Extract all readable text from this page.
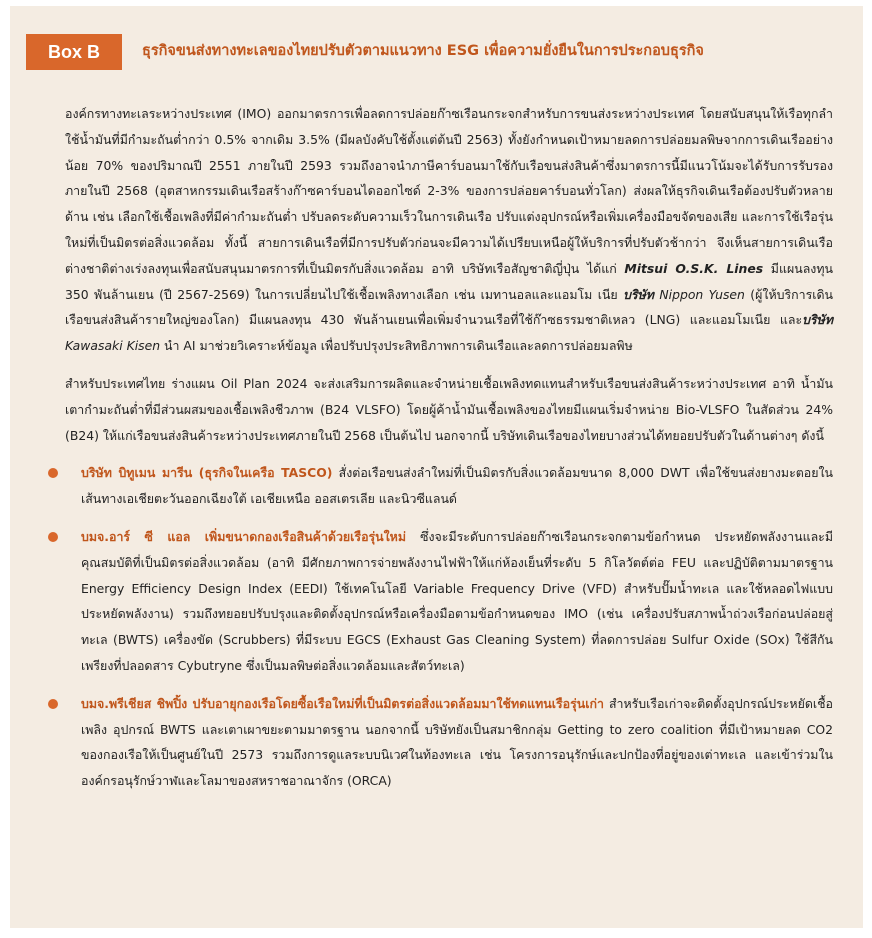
Box B	ธุรกิจขนส่งทางทะเลของไทยปรับตัวตามแนวทาง ESG เพื่อความยั่งยืนในการประกอบธุรกิจ

องค์กรทางทะเลระหว่างประเทศ (IMO) ออกมาตรการเพื่อลดการปล่อยก๊าซเรือนกระจกสำหรับการขนส่งระหว่างประเทศ โดยสนับสนุนให้เรือทุกลำใช้น้ำมันที่มีกำมะถันต่ำกว่า 0.5% จากเดิม 3.5% (มีผลบังคับใช้ตั้งแต่ต้นปี 2563) ทั้งยังกำหนดเป้าหมายลดการปล่อยมลพิษจากการเดินเรืออย่างน้อย 70% ของปริมาณปี 2551 ภายในปี 2593 รวมถึงอาจนำภาษีคาร์บอนมาใช้กับเรือขนส่งสินค้าซึ่งมาตรการนี้มีแนวโน้มจะได้รับการรับรองภายในปี 2568 (อุตสาหกรรมเดินเรือสร้างก๊าซคาร์บอนไดออกไซด์ 2-3% ของการปล่อยคาร์บอนทั่วโลก) ส่งผลให้ธุรกิจเดินเรือต้องปรับตัวหลายด้าน เช่น เลือกใช้เชื้อเพลิงที่มีค่ากำมะถันต่ำ ปรับลดระดับความเร็วในการเดินเรือ ปรับแต่งอุปกรณ์หรือเพิ่มเครื่องมือขจัดของเสีย และการใช้เรือรุ่นใหม่ที่เป็นมิตรต่อสิ่งแวดล้อม ทั้งนี้ สายการเดินเรือที่มีการปรับตัวก่อนจะมีความได้เปรียบเหนือผู้ให้บริการที่ปรับตัวช้ากว่า จึงเห็นสายการเดินเรือต่างชาติต่างเร่งลงทุนเพื่อสนับสนุนมาตรการที่เป็นมิตรกับสิ่งแวดล้อม อาทิ บริษัทเรือสัญชาติญี่ปุ่น ได้แก่ Mitsui O.S.K. Lines มีแผนลงทุน 350 พันล้านเยน (ปี 2567-2569) ในการเปลี่ยนไปใช้เชื้อเพลิงทางเลือก เช่น เมทานอลและแอมโม เนีย บริษัท Nippon Yusen (ผู้ให้บริการเดินเรือขนส่งสินค้ารายใหญ่ของโลก) มีแผนลงทุน 430 พันล้านเยนเพื่อเพิ่มจำนวนเรือที่ใช้ก๊าซธรรมชาติเหลว (LNG) และแอมโมเนีย และบริษัท Kawasaki Kisen นำ AI มาช่วยวิเคราะห์ข้อมูล เพื่อปรับปรุงประสิทธิภาพการเดินเรือและลดการปล่อยมลพิษ

สำหรับประเทศไทย ร่างแผน Oil Plan 2024 จะส่งเสริมการผลิตและจำหน่ายเชื้อเพลิงทดแทนสำหรับเรือขนส่งสินค้าระหว่างประเทศ อาทิ น้ำมันเตากำมะถันต่ำที่มีส่วนผสมของเชื้อเพลิงชีวภาพ (B24 VLSFO) โดยผู้ค้าน้ำมันเชื้อเพลิงของไทยมีแผนเริ่มจำหน่าย Bio-VLSFO ในสัดส่วน 24% (B24) ให้แก่เรือขนส่งสินค้าระหว่างประเทศภายในปี 2568 เป็นต้นไป นอกจากนี้ บริษัทเดินเรือของไทยบางส่วนได้ทยอยปรับตัวในด้านต่างๆ ดังนี้

บริษัท บิทูเมน มารีน (ธุรกิจในเครือ TASCO) สั่งต่อเรือขนส่งลำใหม่ที่เป็นมิตรกับสิ่งแวดล้อมขนาด 8,000 DWT เพื่อใช้ขนส่งยางมะตอยในเส้นทางเอเชียตะวันออกเฉียงใต้ เอเชียเหนือ ออสเตรเลีย และนิวซีแลนด์
บมจ.อาร์ ซี แอล เพิ่มขนาดกองเรือสินค้าด้วยเรือรุ่นใหม่ ซึ่งจะมีระดับการปล่อยก๊าซเรือนกระจกตามข้อกำหนด ประหยัดพลังงานและมีคุณสมบัติที่เป็นมิตรต่อสิ่งแวดล้อม (อาทิ มีศักยภาพการจ่ายพลังงานไฟฟ้าให้แก่ห้องเย็นที่ระดับ 5 กิโลวัตต์ต่อ FEU และปฏิบัติตามมาตรฐาน Energy Efficiency Design Index (EEDI) ใช้เทคโนโลยี Variable Frequency Drive (VFD) สำหรับปั๊มน้ำทะเล และใช้หลอดไฟแบบประหยัดพลังงาน) รวมถึงทยอยปรับปรุงและติดตั้งอุปกรณ์หรือเครื่องมือตามข้อกำหนดของ IMO (เช่น เครื่องปรับสภาพน้ำถ่วงเรือก่อนปล่อยสู่ทะเล (BWTS) เครื่องขัด (Scrubbers) ที่มีระบบ EGCS (Exhaust Gas Cleaning System) ที่ลดการปล่อย Sulfur Oxide (SOx) ใช้สีกันเพรียงที่ปลอดสาร Cybutryne ซึ่งเป็นมลพิษต่อสิ่งแวดล้อมและสัตว์ทะเล)
บมจ.พรีเชียส ชิพปิ้ง ปรับอายุกองเรือโดยซื้อเรือใหม่ที่เป็นมิตรต่อสิ่งแวดล้อมมาใช้ทดแทนเรือรุ่นเก่า สำหรับเรือเก่าจะติดตั้งอุปกรณ์ประหยัดเชื้อเพลิง อุปกรณ์ BWTS และเตาเผาขยะตามมาตรฐาน นอกจากนี้ บริษัทยังเป็นสมาชิกกลุ่ม Getting to zero coalition ที่มีเป้าหมายลด CO2 ของกองเรือให้เป็นศูนย์ในปี 2573 รวมถึงการดูแลระบบนิเวศในท้องทะเล เช่น โครงการอนุรักษ์และปกป้องที่อยู่ของเต่าทะเล และเข้าร่วมในองค์กรอนุรักษ์วาฬและโลมาของสหราชอาณาจักร (ORCA)
